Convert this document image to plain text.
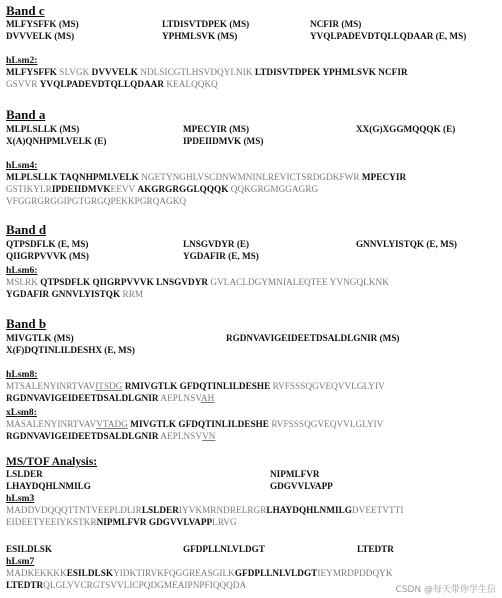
Band c
MLFYSFFK (MS)	LTDISVTDPEK (MS)	NCFIR (MS)
DVVVELK (MS)	YPHMLSVK (MS)	YVQLPADEVDTQLLQDAAR (E, MS)
hLsm2:
MLFYSFFK SLVGK DVVVELK NDLSICGTLHSVDQYLNIK LTDISVTDPEK YPHMLSVK NCFIR
GSVVR YVQLPADEVDTQLLQDAAR KEALQQKQ
Band a
MLPLSLLK (MS)	MPECYIR (MS)	XX(G)XGGMQQQK (E)
X(A)QNHPMLVELK (E)	IPDEIIDMVK (MS)
hLsm4:
MLPLSLLK TAQNHPMLVELK NGETYNGHLVSCDNWMNINLREVICTSRDGDKFWR MPECYIR
GSTIKYLRIPDEIIDMVKEEVV AKGRGRGGLQQQK QQKGRGMGGAGRG
VFGGRGRGGIPGTGRGQPEKKPGRQAGKQ
Band d
QTPSDFLK (E, MS)	LNSGVDYR (E)	GNNVLYISTQK (E, MS)
QIIGRPVVVK (MS)	YGDAFIR (E, MS)
hLsm6:
MSLRK QTPSDFLK QIIGRPVVVK LNSGVDYR GVLACLDGYMNIALEQTEE YVNGQLKNK
YGDAFIR GNNVLYISTQK RRM
Band b
MIVGTLK (MS)	RGDNVAVIGEIDEETDSALDLGNIR (MS)
X(F)DQTINLILDESHX (E, MS)
hLsm8:
MTSALENYINRTVAVITSDG RMIVGTLK GFDQTINLILDESHE RVFSSSQGVEQVVLGLYIV
RGDNVAVIGEIDEETDSALDLGNIR AEPLNSVAH
xLsm8:
MASALENYINRTVAVVTADG MIVGTLK GFDQTINLILDESHE RVFSSSQGVEQVVLGLYIV
RGDNVAVIGEIDEETDSALDLGNIR AEPLNSVVN
MS/TOF Analysis:
LSLDER	NIPMLFVR
LHAYDQHLNMILG	GDGVVLVAPP
hLsm3
MADDVDQQQTTNTVEEPLDLIRLSLDERIYVKMRNDRELRGRLHAYDQHLNMILGDVEETVTTI
EIDEETYEEIYKSTKRNIPMLFVR GDGVVLVAPPLRVG
ESILDLSK	GFDPLLNLVLDGT	LTEDTR
hLsm7
MADKEKKKKESILDLSKYIDKTIRVKFQGGREASGILKGFDPLLNLVLDGTIEYMRDPDDQYK
LTEDTRQLGLVVCRGTSVVLICPQDGMEAIPNPFIQQQDA	CSDN @每天带你学生信
